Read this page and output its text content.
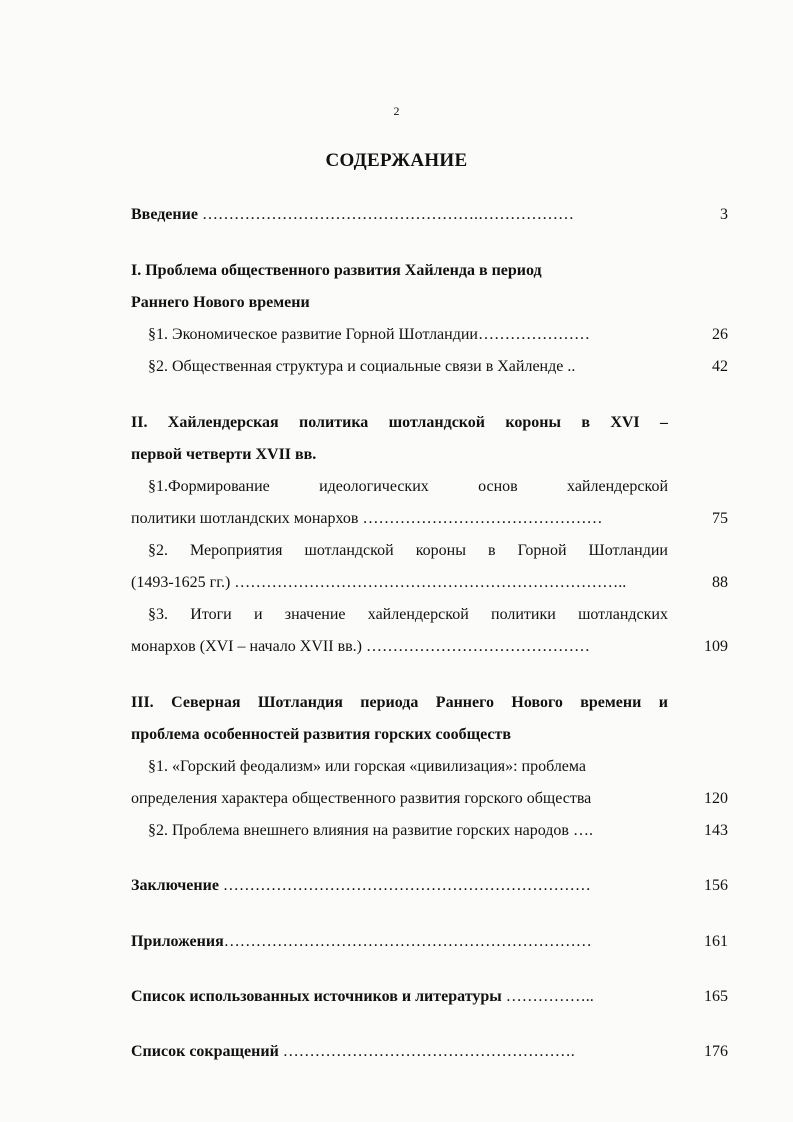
2
СОДЕРЖАНИЕ
Введение …………………………………………….………………	3
I. Проблема общественного развития Хайленда в период
Раннего Нового времени
§1. Экономическое развитие Горной Шотландии…………………	26
§2. Общественная структура и социальные связи в Хайленде ..	42
II. Хайлендерская политика шотландской короны в XVI –
первой четверти XVII вв.
§1.Формирование идеологических основ хайлендерской
политики шотландских монархов ………………………………………	75
§2. Мероприятия шотландской короны в Горной Шотландии
(1493-1625 гг.) ………………………………………………………………..	88
§3. Итоги и значение хайлендерской политики шотландских
монархов (XVI – начало XVII вв.) ……………………………………	109
III. Северная Шотландия периода Раннего Нового времени и
проблема особенностей развития горских сообществ
§1. «Горский феодализм» или горская «цивилизация»: проблема
определения характера общественного развития горского общества	120
§2. Проблема внешнего влияния на развитие горских народов ….	143
Заключение ……………………………………………………………	156
Приложения……………………………………………………………	161
Список использованных источников и литературы ……………..	165
Список сокращений ……………………………………………….	176
